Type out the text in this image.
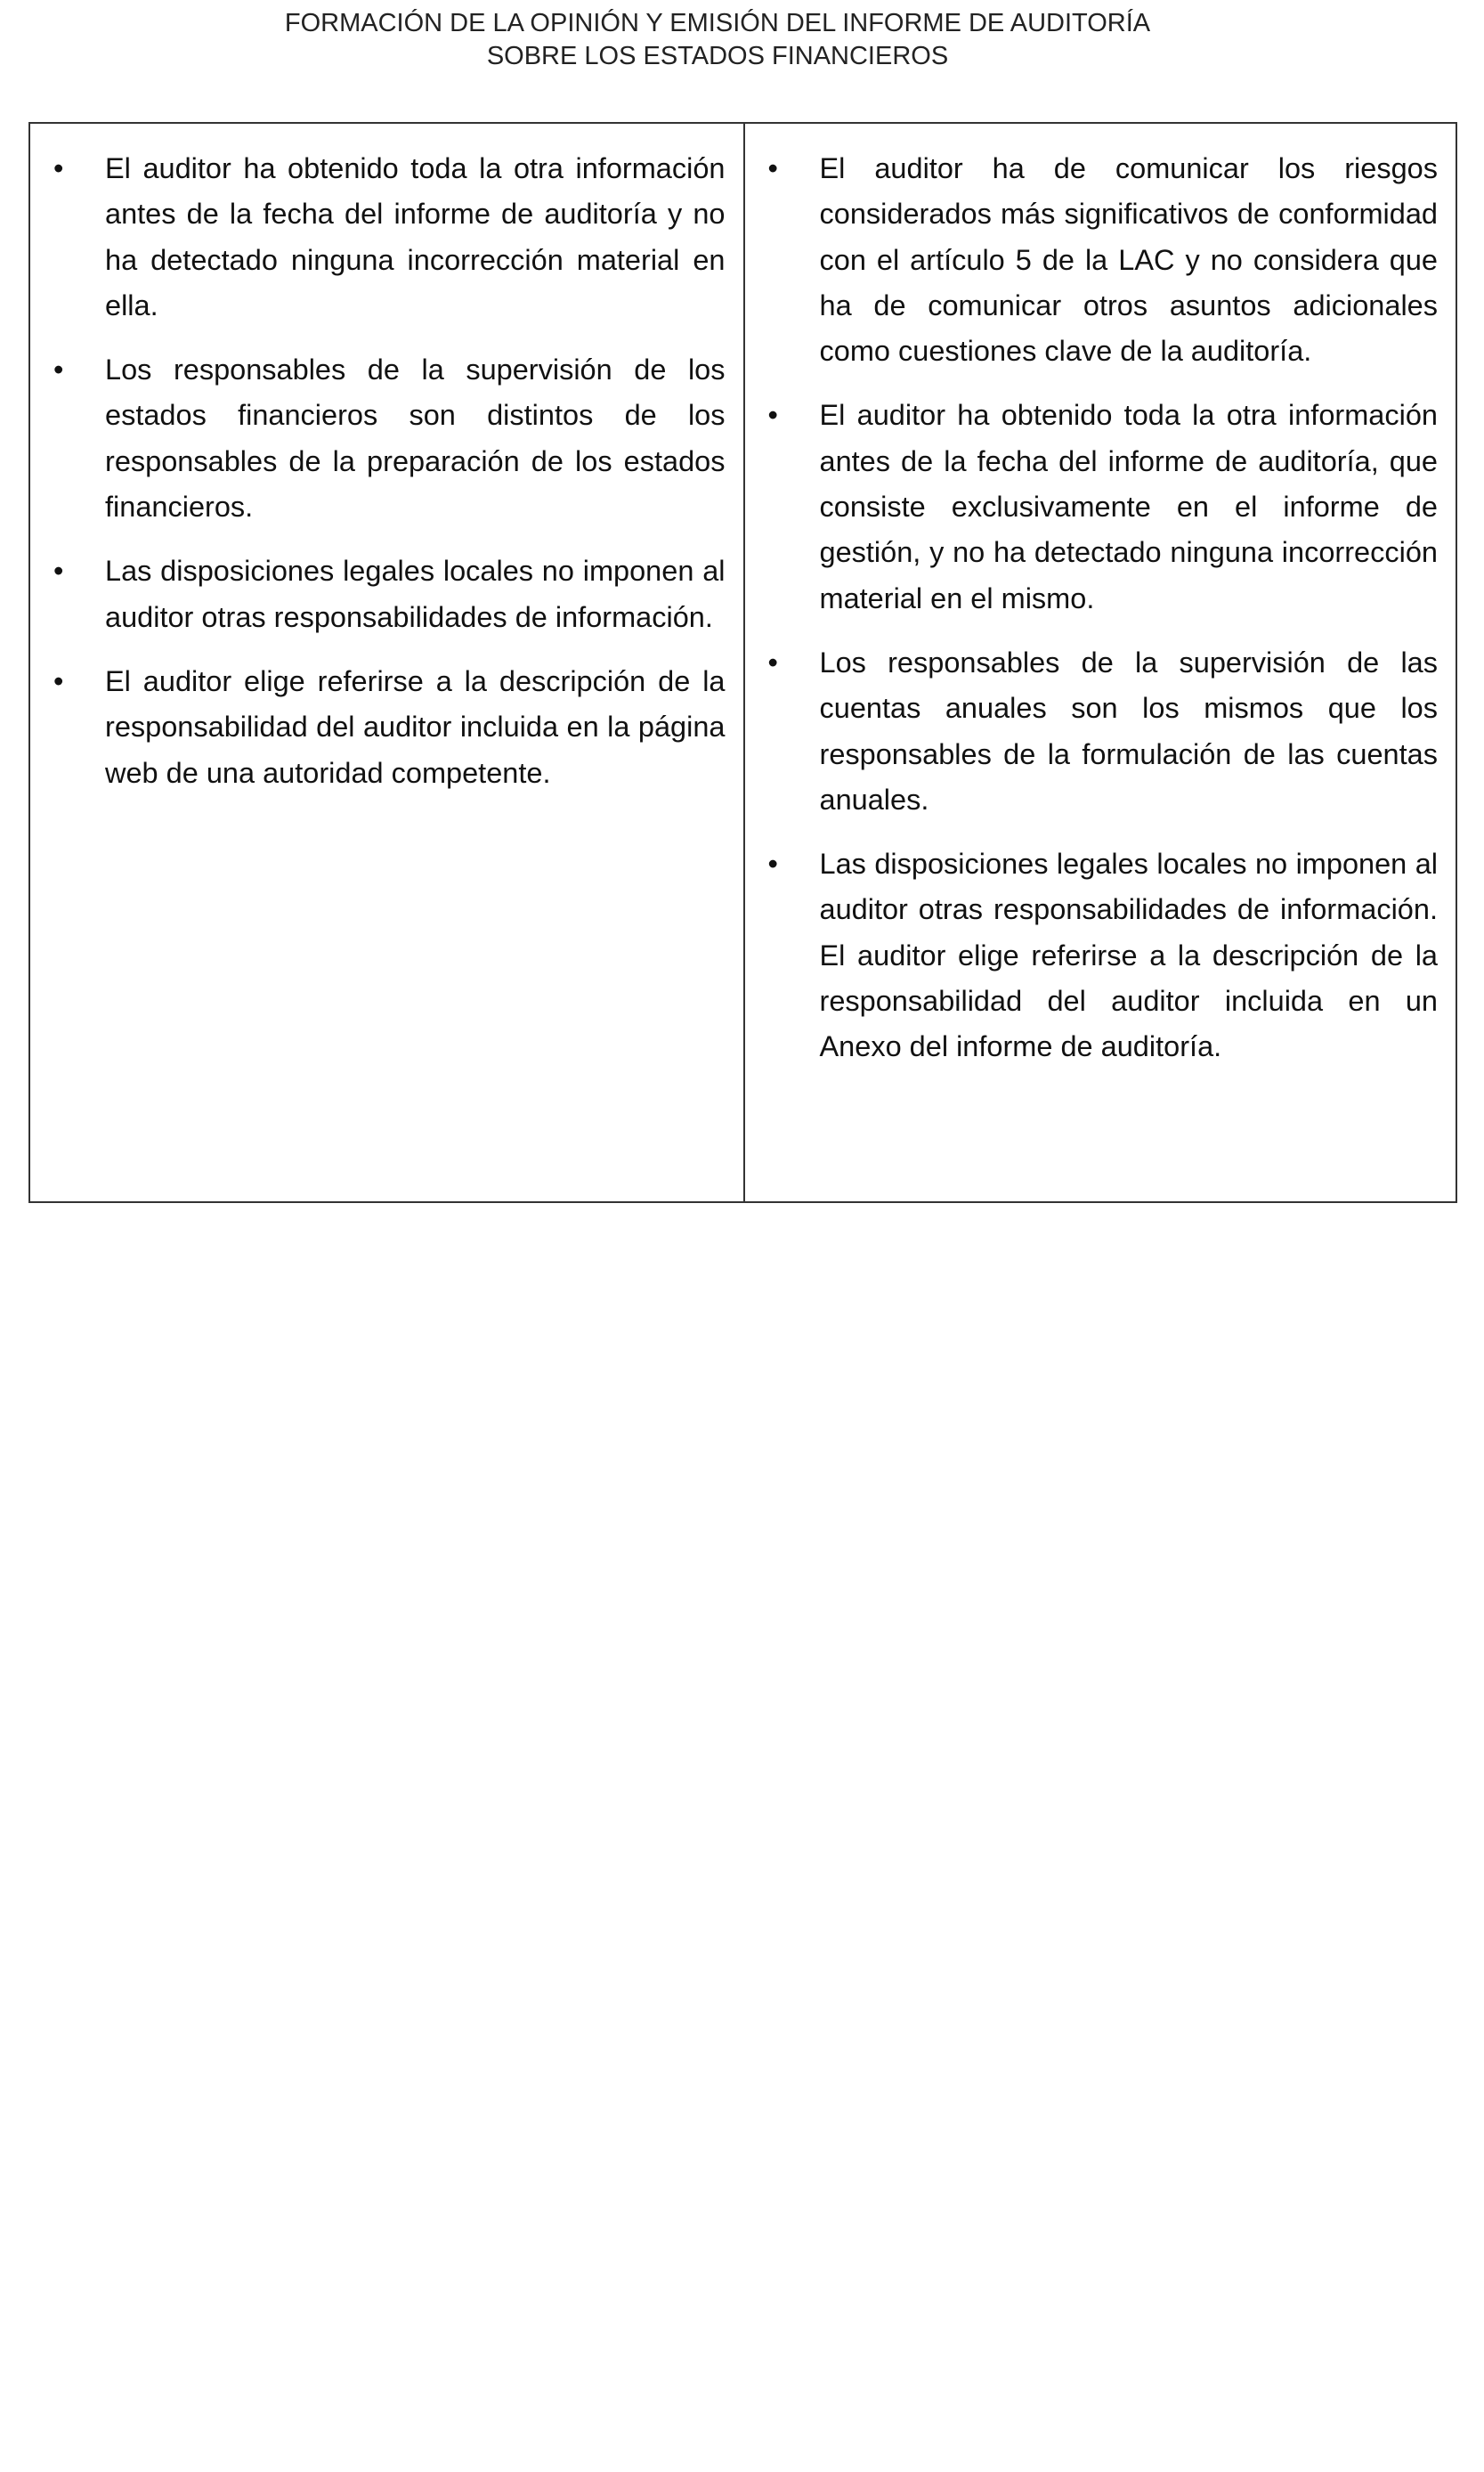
FORMACIÓN DE LA OPINIÓN Y EMISIÓN DEL INFORME DE AUDITORÍA
SOBRE LOS ESTADOS FINANCIEROS
• El auditor ha obtenido toda la otra información antes de la fecha del informe de auditoría y no ha detectado ninguna incorrección material en ella.
• Los responsables de la supervisión de los estados financieros son distintos de los responsables de la preparación de los estados financieros.
• Las disposiciones legales locales no imponen al auditor otras responsabilidades de información.
• El auditor elige referirse a la descripción de la responsabilidad del auditor incluida en la página web de una autoridad competente.
• El auditor ha de comunicar los riesgos considerados más significativos de conformidad con el artículo 5 de la LAC y no considera que ha de comunicar otros asuntos adicionales como cuestiones clave de la auditoría.
• El auditor ha obtenido toda la otra información antes de la fecha del informe de auditoría, que consiste exclusivamente en el informe de gestión, y no ha detectado ninguna incorrección material en el mismo.
• Los responsables de la supervisión de las cuentas anuales son los mismos que los responsables de la formulación de las cuentas anuales.
• Las disposiciones legales locales no imponen al auditor otras responsabilidades de información. El auditor elige referirse a la descripción de la responsabilidad del auditor incluida en un Anexo del informe de auditoría.
